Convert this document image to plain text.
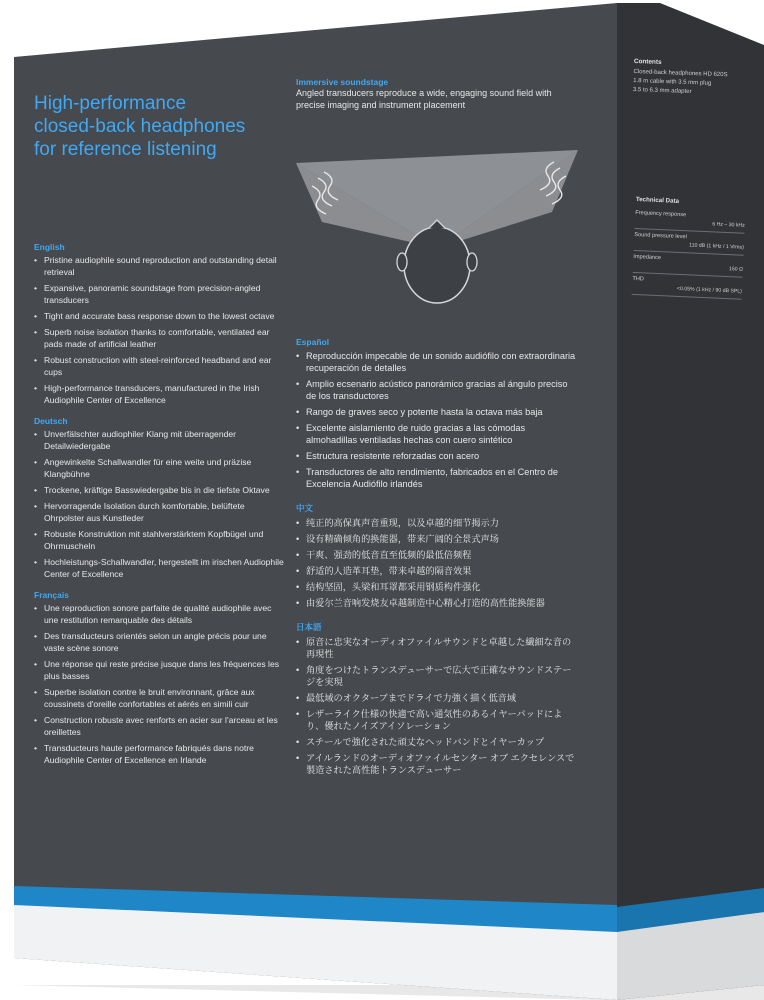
High-performance
closed-back headphones
for reference listening
Immersive soundstage
Angled transducers reproduce a wide, engaging sound field with precise imaging and instrument placement
English
• Pristine audiophile sound reproduction and outstanding detail retrieval
• Expansive, panoramic soundstage from precision-angled transducers
• Tight and accurate bass response down to the lowest octave
• Superb noise isolation thanks to comfortable, ventilated ear pads made of artificial leather
• Robust construction with steel-reinforced headband and ear cups
• High-performance transducers, manufactured in the Irish Audiophile Center of Excellence
Deutsch
• Unverfälschter audiophiler Klang mit überragender Detailwiedergabe
• Angewinkelte Schallwandler für eine weite und präzise Klangbühne
• Trockene, kräftige Basswiedergabe bis in die tiefste Oktave
• Hervorragende Isolation durch komfortable, belüftete Ohrpolster aus Kunstleder
• Robuste Konstruktion mit stahlverstärktem Kopfbügel und Ohrmuscheln
• Hochleistungs-Schallwandler, hergestellt im irischen Audiophile Center of Excellence
Français
• Une reproduction sonore parfaite de qualité audiophile avec une restitution remarquable des détails
• Des transducteurs orientés selon un angle précis pour une vaste scène sonore
• Une réponse qui reste précise jusque dans les fréquences les plus basses
• Superbe isolation contre le bruit environnant, grâce aux coussinets d'oreille confortables et aérés en simili cuir
• Construction robuste avec renforts en acier sur l'arceau et les oreillettes
• Transducteurs haute performance fabriqués dans notre Audiophile Center of Excellence en Irlande
Español
• Reproducción impecable de un sonido audiófilo con extraordinaria recuperación de detalles
• Amplio ecsenario acústico panorámico gracias al ángulo preciso de los transductores
• Rango de graves seco y potente hasta la octava más baja
• Excelente aislamiento de ruido gracias a las cómodas almohadillas ventiladas hechas con cuero sintético
• Estructura resistente reforzadas con acero
• Transductores de alto rendimiento, fabricados en el Centro de Excelencia Audiófilo irlandés
中文
• 纯正的高保真声音重现，以及卓越的细节揭示力
• 设有精确倾角的换能器，带来广阔的全景式声场
• 干爽、强劲的低音直至低频的最低倍频程
• 舒适的人造革耳垫，带来卓越的隔音效果
• 结构坚固，头梁和耳罩都采用钢质构件强化
• 由爱尔兰音响发烧友卓越制造中心精心打造的高性能换能器
日本語
• 原音に忠実なオーディオファイルサウンドと卓越した繊細な音の再現性
• 角度をつけたトランスデューサーで広大で正確なサウンドステージを実現
• 最低域のオクターブまでドライで力強く描く低音域
• レザーライク仕様の快適で高い通気性のあるイヤーパッドにより、優れたノイズアイソレーション
• スチールで強化された頑丈なヘッドバンドとイヤーカップ
• アイルランドのオーディオファイルセンター オブ エクセレンスで製造された高性能トランスデューサー
Contents
Closed-back headphones HD 620S
1.8 m cable with 3.5 mm plug
3.5 to 6.3 mm adapter
Technical Data
Frequency response
6 Hz – 30 kHz
Sound pressure level
110 dB (1 kHz / 1 Vrms)
Impedance
150 Ω
THD
<0.05% (1 kHz / 90 dB SPL)
